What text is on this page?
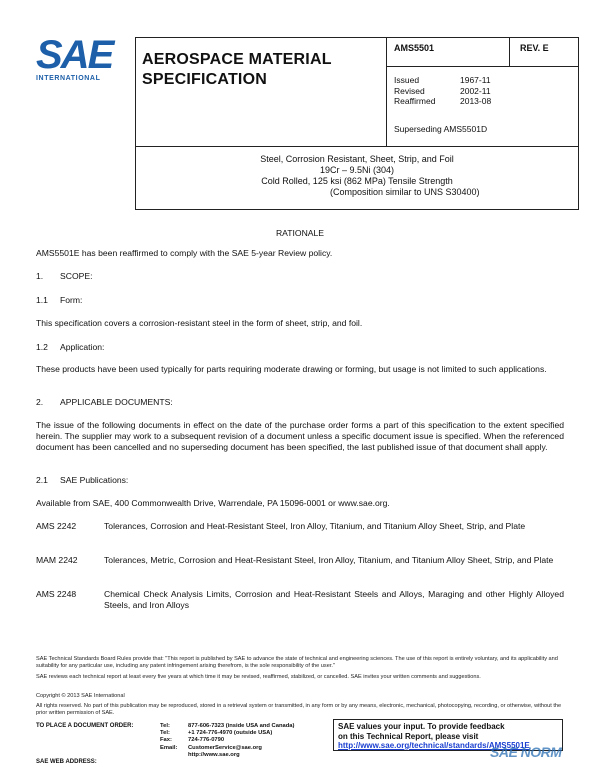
SAE
INTERNATIONAL
AEROSPACE MATERIAL
SPECIFICATION
AMS5501	REV. E
Issued	1967-11
Revised	2002-11
Reaffirmed	2013-08
Superseding AMS5501D
Steel, Corrosion Resistant, Sheet, Strip, and Foil
19Cr – 9.5Ni (304)
Cold Rolled, 125 ksi (862 MPa) Tensile Strength
(Composition similar to UNS S30400)
RATIONALE
AMS5501E has been reaffirmed to comply with the SAE 5-year Review policy.
1. SCOPE:
1.1 Form:
This specification covers a corrosion-resistant steel in the form of sheet, strip, and foil.
1.2 Application:
These products have been used typically for parts requiring moderate drawing or forming, but usage is not limited to such applications.
2. APPLICABLE DOCUMENTS:
The issue of the following documents in effect on the date of the purchase order forms a part of this specification to the extent specified herein. The supplier may work to a subsequent revision of a document unless a specific document issue is specified. When the referenced document has been cancelled and no superseding document has been specified, the last published issue of that document shall apply.
2.1 SAE Publications:
Available from SAE, 400 Commonwealth Drive, Warrendale, PA 15096-0001 or www.sae.org.
AMS 2242	Tolerances, Corrosion and Heat-Resistant Steel, Iron Alloy, Titanium, and Titanium Alloy Sheet, Strip, and Plate
MAM 2242	Tolerances, Metric, Corrosion and Heat-Resistant Steel, Iron Alloy, Titanium, and Titanium Alloy Sheet, Strip, and Plate
AMS 2248	Chemical Check Analysis Limits, Corrosion and Heat-Resistant Steels and Alloys, Maraging and other Highly Alloyed Steels, and Iron Alloys
SAE Technical Standards Board Rules provide that: "This report is published by SAE to advance the state of technical and engineering sciences. The use of this report is entirely voluntary, and its applicability and suitability for any particular use, including any patent infringement arising therefrom, is the sole responsibility of the user."
SAE reviews each technical report at least every five years at which time it may be revised, reaffirmed, stabilized, or cancelled. SAE invites your written comments and suggestions.
Copyright © 2013 SAE International
All rights reserved. No part of this publication may be reproduced, stored in a retrieval system or transmitted, in any form or by any means, electronic, mechanical, photocopying, recording, or otherwise, without the prior written permission of SAE.
TO PLACE A DOCUMENT ORDER:
SAE WEB ADDRESS:
Tel:	877-606-7323 (inside USA and Canada)
Tel:	+1 724-776-4970 (outside USA)
Fax:	724-776-0790
Email:	CustomerService@sae.org
http://www.sae.org
SAE values your input. To provide feedback
on this Technical Report, please visit
http://www.sae.org/technical/standards/AMS5501E
SAE NORM
